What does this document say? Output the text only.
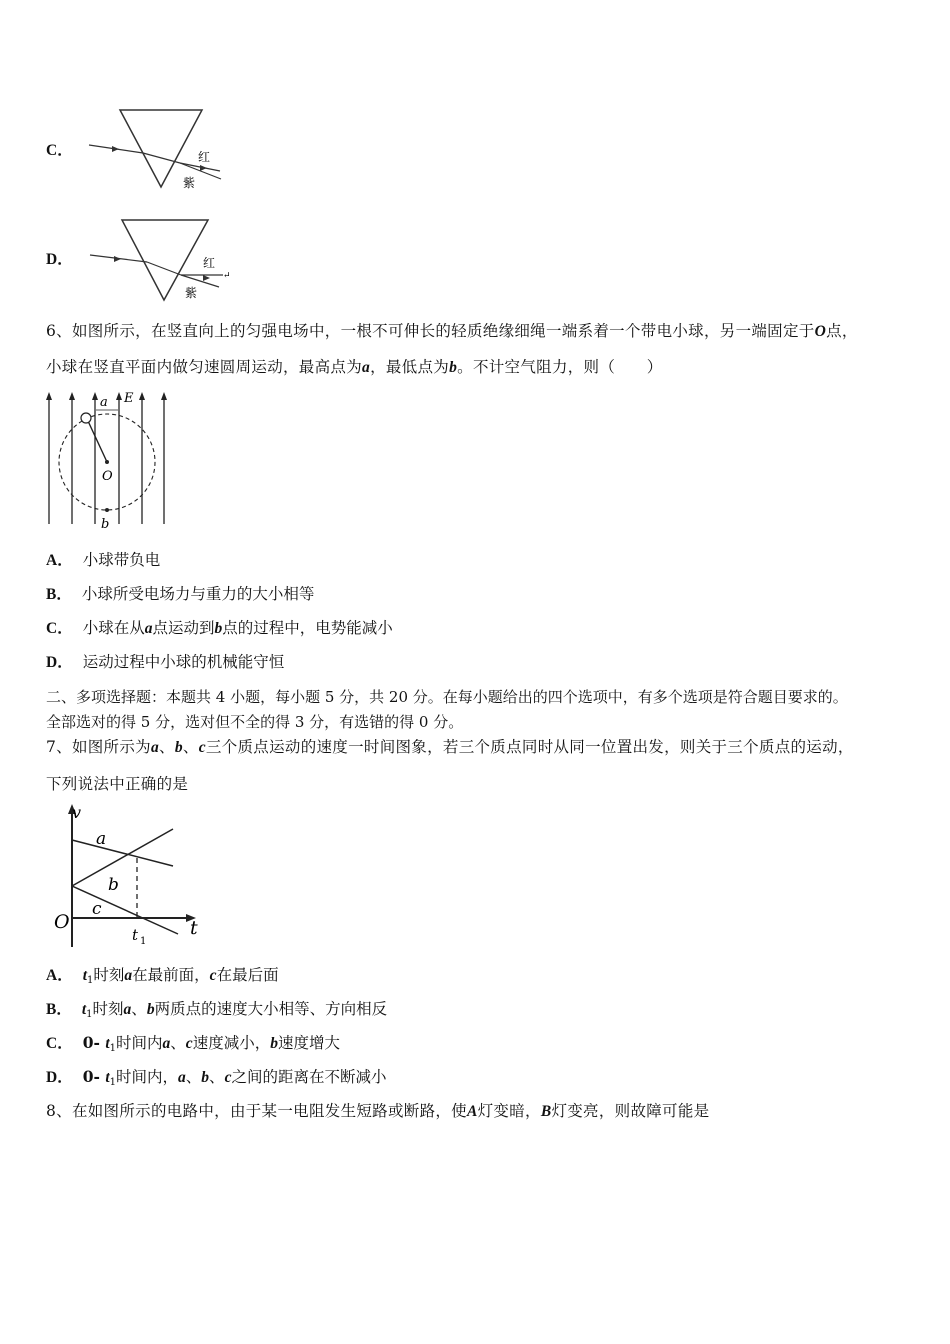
C．	红
紫
D．	红
↵
紫
6、如图所示，在竖直向上的匀强电场中，一根不可伸长的轻质绝缘细绳一端系着一个带电小球，另一端固定于O点，
小球在竖直平面内做匀速圆周运动，最高点为a，最低点为b。不计空气阻力，则（　　）
a E
O
b
A． 小球带负电
B． 小球所受电场力与重力的大小相等
C． 小球在从a点运动到b点的过程中，电势能减小
D． 运动过程中小球的机械能守恒
二、多项选择题：本题共 4 小题，每小题 5 分，共 20 分。在每小题给出的四个选项中，有多个选项是符合题目要求的。
全部选对的得 5 分，选对但不全的得 3 分，有选错的得 0 分。
7、如图所示为a、b、c三个质点运动的速度一时间图象，若三个质点同时从同一位置出发，则关于三个质点的运动，
下列说法中正确的是
v
a
b
c
O	t
t 1
A． $t_1$时刻a在最前面，c在最后面
B． $t_1$时刻a、b两质点的速度大小相等、方向相反
C． 0- $t_1$时间内a、c速度减小，b速度增大
D． 0- $t_1$时间内，a、b、c之间的距离在不断减小
8、在如图所示的电路中，由于某一电阻发生短路或断路，使A灯变暗，B灯变亮，则故障可能是
